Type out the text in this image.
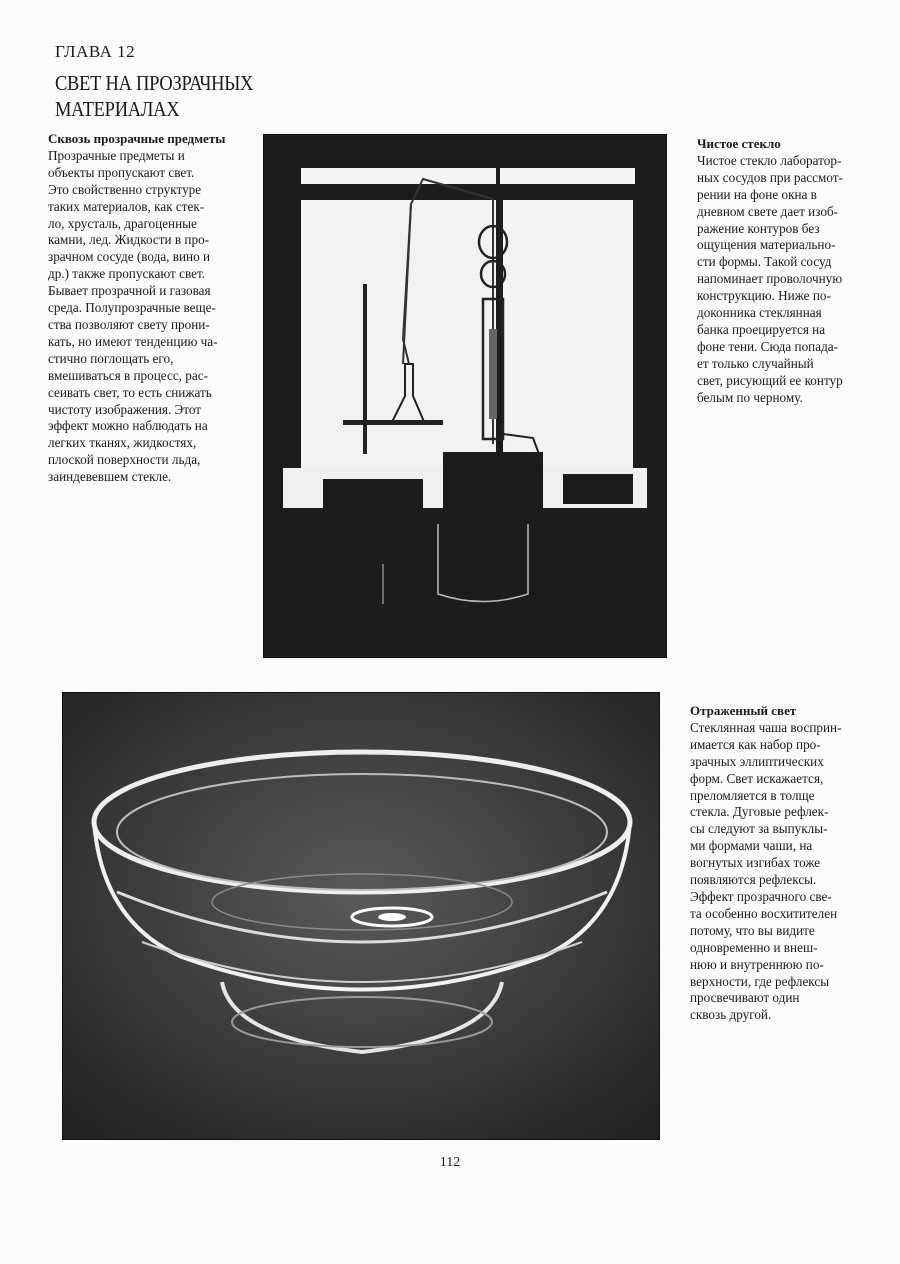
ГЛАВА 12
СВЕТ НА ПРОЗРАЧНЫХ МАТЕРИАЛАХ
Сквозь прозрачные предметы
Прозрачные предметы и
объекты пропускают свет.
Это свойственно структуре
таких материалов, как стек-
ло, хрусталь, драгоценные
камни, лед. Жидкости в про-
зрачном сосуде (вода, вино и
др.) также пропускают свет.
Бывает прозрачной и газовая
среда. Полупрозрачные веще-
ства позволяют свету прони-
кать, но имеют тенденцию ча-
стично поглощать его,
вмешиваться в процесс, рас-
сеивать свет, то есть снижать
чистоту изображения. Этот
эффект можно наблюдать на
легких тканях, жидкостях,
плоской поверхности льда,
заиндевевшем стекле.
Чистое стекло
Чистое стекло лаборатор-
ных сосудов при рассмот-
рении на фоне окна в
дневном свете дает изоб-
ражение контуров без
ощущения материально-
сти формы. Такой сосуд
напоминает проволочную
конструкцию. Ниже по-
доконника стеклянная
банка проецируется на
фоне тени. Сюда попада-
ет только случайный
свет, рисующий ее контур
белым по черному.
Отраженный свет
Стеклянная чаша восприн-
имается как набор про-
зрачных эллиптических
форм. Свет искажается,
преломляется в толще
стекла. Дуговые рефлек-
сы следуют за выпуклы-
ми формами чаши, на
вогнутых изгибах тоже
появляются рефлексы.
Эффект прозрачного све-
та особенно восхитителен
потому, что вы видите
одновременно и внеш-
нюю и внутреннюю по-
верхности, где рефлексы
просвечивают один
сквозь другой.
112
